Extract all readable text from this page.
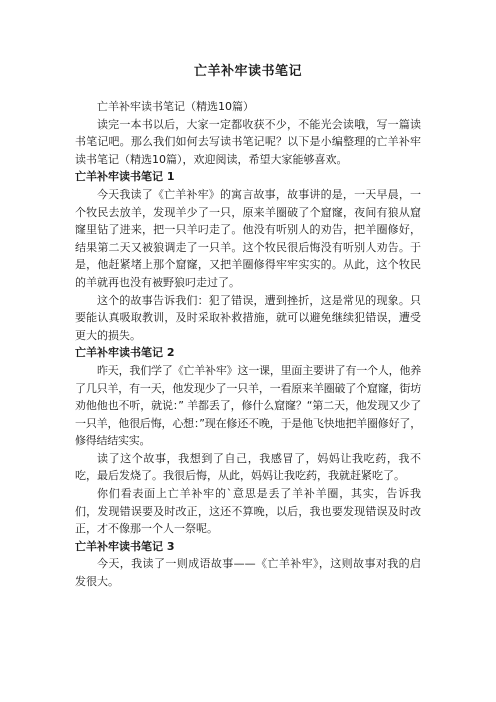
亡羊补牢读书笔记

亡羊补牢读书笔记（精选10篇）

读完一本书以后，大家一定都收获不少，不能光会读哦，写一篇读书笔记吧。那么我们如何去写读书笔记呢？以下是小编整理的亡羊补牢读书笔记（精选10篇），欢迎阅读，希望大家能够喜欢。

亡羊补牢读书笔记 1

今天我读了《亡羊补牢》的寓言故事，故事讲的是，一天早晨，一个牧民去放羊，发现羊少了一只，原来羊圈破了个窟窿，夜间有狼从窟窿里钻了进来，把一只羊叼走了。他没有听别人的劝告，把羊圈修好，结果第二天又被狼调走了一只羊。这个牧民很后悔没有听别人劝告。于是，他赶紧堵上那个窟窿，又把羊圈修得牢牢实实的。从此，这个牧民的羊就再也没有被野狼叼走过了。

这个的故事告诉我们：犯了错误，遭到挫折，这是常见的现象。只要能认真吸取教训，及时采取补救措施，就可以避免继续犯错误，遭受更大的损失。

亡羊补牢读书笔记 2

昨天，我们学了《亡羊补牢》这一课，里面主要讲了有一个人，他养了几只羊，有一天，他发现少了一只羊，一看原来羊圈破了个窟窿，街坊劝他他也不听，就说：” 羊都丢了，修什么窟窿？“第二天，他发现又少了一只羊，他很后悔，心想：”现在修还不晚，于是他飞快地把羊圈修好了，修得结结实实。

读了这个故事，我想到了自己，我感冒了，妈妈让我吃药，我不吃，最后发烧了。我很后悔，从此，妈妈让我吃药，我就赶紧吃了。

你们看表面上亡羊补牢的`意思是丢了羊补羊圈，其实，告诉我们，发现错误要及时改正，这还不算晚，以后，我也要发现错误及时改正，才不像那一个人一祭呢。

亡羊补牢读书笔记 3

今天，我读了一则成语故事——《亡羊补牢》，这则故事对我的启发很大。
